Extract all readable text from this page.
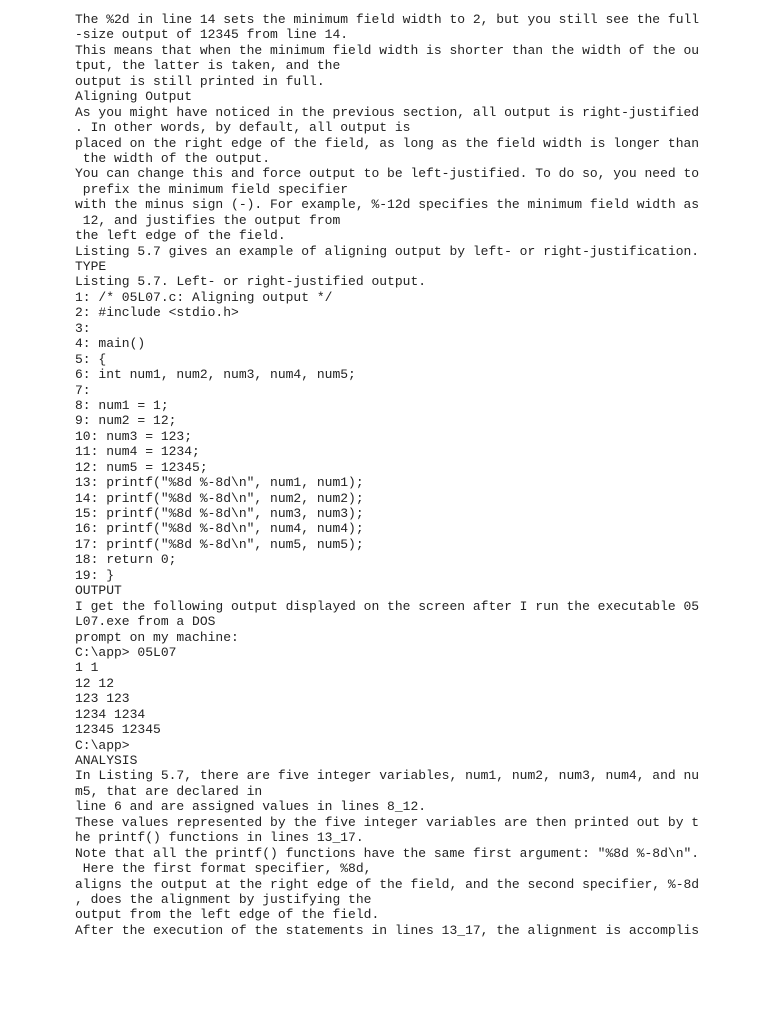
The %2d in line 14 sets the minimum field width to 2, but you still see the full
-size output of 12345 from line 14.
This means that when the minimum field width is shorter than the width of the ou
tput, the latter is taken, and the
output is still printed in full.
Aligning Output
As you might have noticed in the previous section, all output is right-justified
. In other words, by default, all output is
placed on the right edge of the field, as long as the field width is longer than
the width of the output.
You can change this and force output to be left-justified. To do so, you need to
prefix the minimum field specifier
with the minus sign (-). For example, %-12d specifies the minimum field width as
12, and justifies the output from
the left edge of the field.
Listing 5.7 gives an example of aligning output by left- or right-justification.
TYPE
Listing 5.7. Left- or right-justified output.
1: /* 05L07.c: Aligning output */
2: #include <stdio.h>
3:
4: main()
5: {
6: int num1, num2, num3, num4, num5;
7:
8: num1 = 1;
9: num2 = 12;
10: num3 = 123;
11: num4 = 1234;
12: num5 = 12345;
13: printf("%8d %-8d\n", num1, num1);
14: printf("%8d %-8d\n", num2, num2);
15: printf("%8d %-8d\n", num3, num3);
16: printf("%8d %-8d\n", num4, num4);
17: printf("%8d %-8d\n", num5, num5);
18: return 0;
19: }
OUTPUT
I get the following output displayed on the screen after I run the executable 05
L07.exe from a DOS
prompt on my machine:
C:\app> 05L07
1 1
12 12
123 123
1234 1234
12345 12345
C:\app>
ANALYSIS
In Listing 5.7, there are five integer variables, num1, num2, num3, num4, and nu
m5, that are declared in
line 6 and are assigned values in lines 8_12.
These values represented by the five integer variables are then printed out by t
he printf() functions in lines 13_17.
Note that all the printf() functions have the same first argument: "%8d %-8d\n".
Here the first format specifier, %8d,
aligns the output at the right edge of the field, and the second specifier, %-8d
, does the alignment by justifying the
output from the left edge of the field.
After the execution of the statements in lines 13_17, the alignment is accomplis
